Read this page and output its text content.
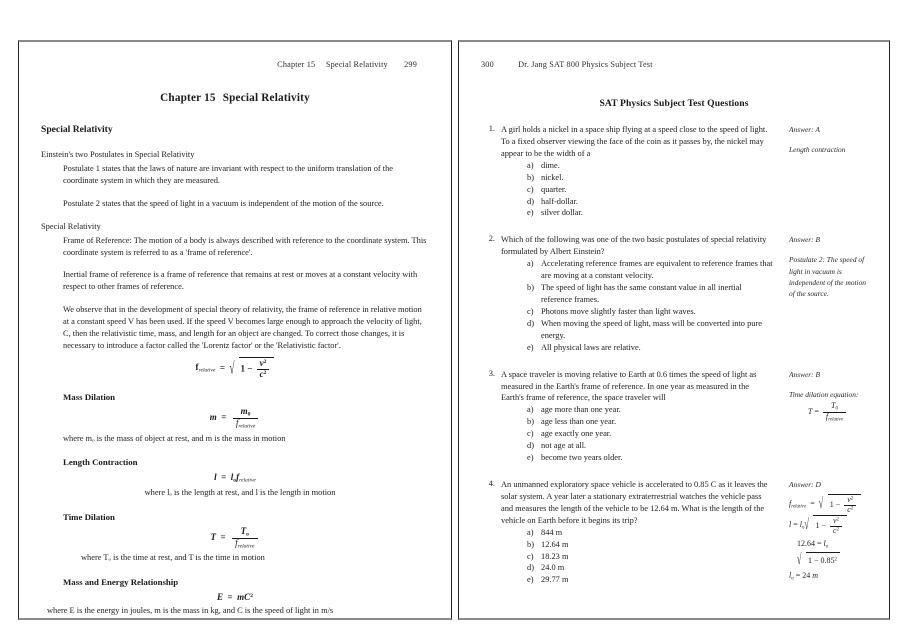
Chapter 15 Special Relativity 299
Chapter 15 Special Relativity
Special Relativity
Einstein's two Postulates in Special Relativity
Postulate 1 states that the laws of nature are invariant with respect to the uniform translation of the coordinate system in which they are measured.
Postulate 2 states that the speed of light in a vacuum is independent of the motion of the source.
Special Relativity
Frame of Reference: The motion of a body is always described with reference to the coordinate system. This coordinate system is referred to as a 'frame of reference'.
Inertial frame of reference is a frame of reference that remains at rest or moves at a constant velocity with respect to other frames of reference.
We observe that in the development of special theory of relativity, the frame of reference in relative motion at a constant speed V has been used. If the speed V becomes large enough to approach the velocity of light, C, then the relativistic time, mass, and length for an object are changed. To correct those changes, it is necessary to introduce a factor called the 'Lorentz factor' or the 'Relativistic factor'.
$f_{relative}$  =  √ $1 - \frac{v^2}{c^2}$
Mass Dilation
$m = \frac{m0}{f_{relative}}$
where mₒ is the mass of object at rest, and m is the mass in motion
Length Contraction
l  =  lof$_{relative}$
where lₒ is the length at rest, and l is the length in motion
Time Dilation
$T = \frac{To}{f_{relative}}$
where Tₒ is the time at rest, and T is the time in motion
Mass and Energy Relationship
$E = mC^2$
where E is the energy in joules, m is the mass in kg, and C is the speed of light in m/s
300	Dr. Jang SAT 800 Physics Subject Test
SAT Physics Subject Test Questions
1. A girl holds a nickel in a space ship flying at a speed close to the speed of light. To a fixed observer viewing the face of the coin as it passes by, the nickel may appear to be the width of a
a) dime.
b) nickel.
c) quarter.
d) half-dollar.
e) silver dollar.
Answer: A
Length contraction
2. Which of the following was one of the two basic postulates of special relativity formulated by Albert Einstein?
a) Accelerating reference frames are equivalent to reference frames that are moving at a constant velocity.
b) The speed of light has the same constant value in all inertial reference frames.
c) Photons move slightly faster than light waves.
d) When moving the speed of light, mass will be converted into pure energy.
e) All physical laws are relative.
Answer: B
Postulate 2: The speed of light in vacuum is independent of the motion of the source.
3. A space traveler is moving relative to Earth at 0.6 times the speed of light as measured in the Earth's frame of reference. In one year as measured in the Earth's frame of reference, the space traveler will
a) age more than one year.
b) age less than one year.
c) age exactly one year.
d) not age at all.
e) become two years older.
Answer: B
Time dilation equation:
$T = \frac{T0}{f_{relative}}$
4. An unmanned exploratory space vehicle is accelerated to 0.85 C as it leaves the solar system. A year later a stationary extraterrestrial watches the vehicle pass and measures the length of the vehicle to be 12.64 m. What is the length of the vehicle on Earth before it begins its trip?
a) 844 m
b) 12.64 m
c) 18.23 m
d) 24.0 m
e) 29.77 m
Answer: D
$f_{relative}$  =  √ $1 - \frac{v^2}{c^2}$
l = lo √ $1 - \frac{v^2}{c^2}$
12.64 = lo√ $1 - 0.85^2$
lo = 24 m
